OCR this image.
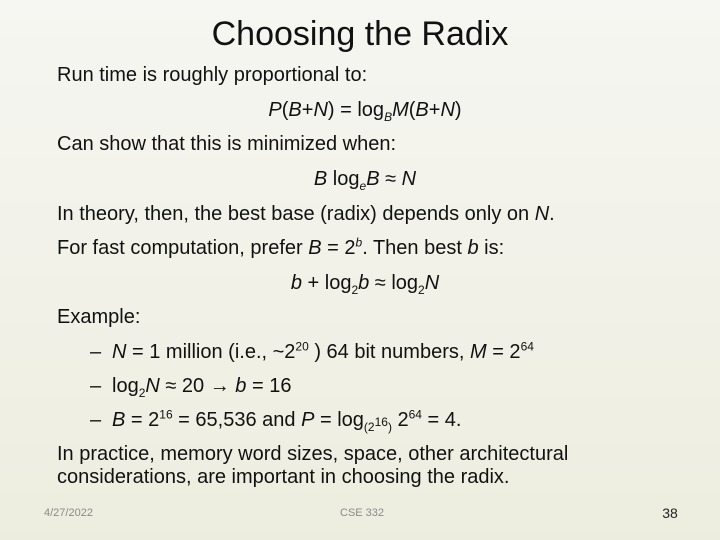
Choosing the Radix
Run time is roughly proportional to:
$P(B+N) = \log_BM(B+N)$
Can show that this is minimized when:
B $\log_eB \approx N$
In theory, then, the best base (radix) depends only on N.
For fast computation, prefer $B = 2^b$. Then best b is:
$b + \log_2b \approx \log_2N$
Example:
– N = 1 million (i.e., $\sim 2^{20}$ ) 64 bit numbers, $M = 2^{64}$
– $\log_2N \approx 20 \to b = 16$
– $B = 2^{16} = 65,536$ and $P = \log_{(2^{16})} 2^{64} = 4$.
In practice, memory word sizes, space, other architectural
considerations, are important in choosing the radix.
4/27/2022	CSE 332	38
